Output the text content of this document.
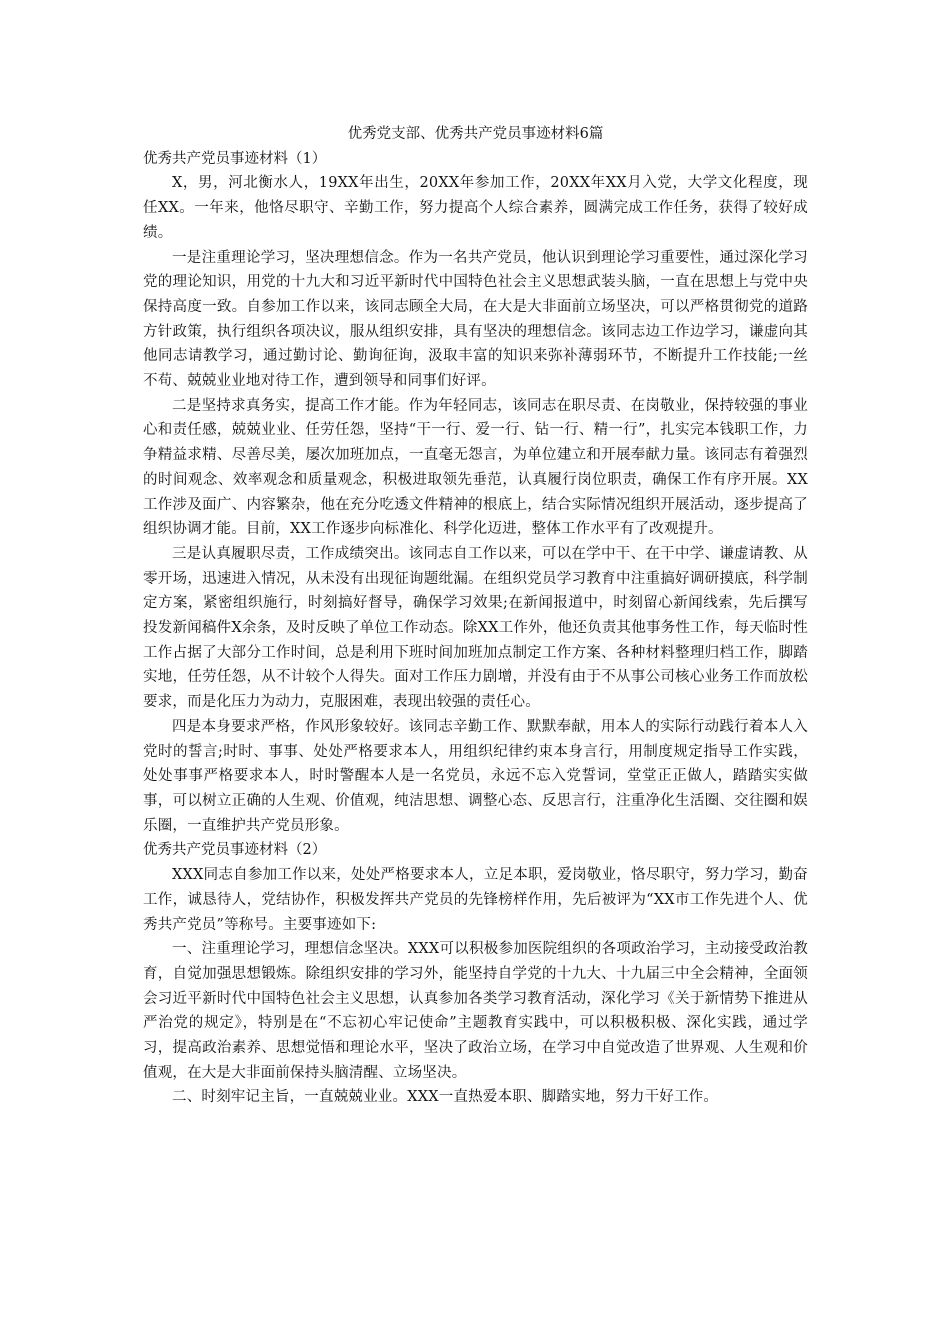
优秀党支部、优秀共产党员事迹材料6篇

优秀共产党员事迹材料（1）

X，男，河北衡水人，19XX年出生，20XX年参加工作，20XX年XX月入党，大学文化程度，现任XX。一年来，他恪尽职守、辛勤工作，努力提高个人综合素养，圆满完成工作任务，获得了较好成绩。

一是注重理论学习，坚决理想信念。作为一名共产党员，他认识到理论学习重要性，通过深化学习党的理论知识，用党的十九大和习近平新时代中国特色社会主义思想武装头脑，一直在思想上与党中央保持高度一致。自参加工作以来，该同志顾全大局，在大是大非面前立场坚决，可以严格贯彻党的道路方针政策，执行组织各项决议，服从组织安排，具有坚决的理想信念。该同志边工作边学习，谦虚向其他同志请教学习，通过勤讨论、勤询征询，汲取丰富的知识来弥补薄弱环节，不断提升工作技能;一丝不苟、兢兢业业地对待工作，遭到领导和同事们好评。

二是坚持求真务实，提高工作才能。作为年轻同志，该同志在职尽责、在岗敬业，保持较强的事业心和责任感，兢兢业业、任劳任怨，坚持“干一行、爱一行、钻一行、精一行”，扎实完本钱职工作，力争精益求精、尽善尽美，屡次加班加点，一直毫无怨言，为单位建立和开展奉献力量。该同志有着强烈的时间观念、效率观念和质量观念，积极进取领先垂范，认真履行岗位职责，确保工作有序开展。XX工作涉及面广、内容繁杂，他在充分吃透文件精神的根底上，结合实际情况组织开展活动，逐步提高了组织协调才能。目前，XX工作逐步向标准化、科学化迈进，整体工作水平有了改观提升。

三是认真履职尽责，工作成绩突出。该同志自工作以来，可以在学中干、在干中学、谦虚请教、从零开场，迅速进入情况，从未没有出现征询题纰漏。在组织党员学习教育中注重搞好调研摸底，科学制定方案，紧密组织施行，时刻搞好督导，确保学习效果;在新闻报道中，时刻留心新闻线索，先后撰写投发新闻稿件X余条，及时反映了单位工作动态。除XX工作外，他还负责其他事务性工作，每天临时性工作占据了大部分工作时间，总是利用下班时间加班加点制定工作方案、各种材料整理归档工作，脚踏实地，任劳任怨，从不计较个人得失。面对工作压力剧增，并没有由于不从事公司核心业务工作而放松要求，而是化压力为动力，克服困难，表现出较强的责任心。

四是本身要求严格，作风形象较好。该同志辛勤工作、默默奉献，用本人的实际行动践行着本人入党时的誓言;时时、事事、处处严格要求本人，用组织纪律约束本身言行，用制度规定指导工作实践，处处事事严格要求本人，时时警醒本人是一名党员，永远不忘入党誓词，堂堂正正做人，踏踏实实做事，可以树立正确的人生观、价值观，纯洁思想、调整心态、反思言行，注重净化生活圈、交往圈和娱乐圈，一直维护共产党员形象。

优秀共产党员事迹材料（2）

XXX同志自参加工作以来，处处严格要求本人，立足本职，爱岗敬业，恪尽职守，努力学习，勤奋工作，诚恳待人，党结协作，积极发挥共产党员的先锋榜样作用，先后被评为“XX市工作先进个人、优秀共产党员”等称号。主要事迹如下:

一、注重理论学习，理想信念坚决。XXX可以积极参加医院组织的各项政治学习，主动接受政治教育，自觉加强思想锻炼。除组织安排的学习外，能坚持自学党的十九大、十九届三中全会精神，全面领会习近平新时代中国特色社会主义思想，认真参加各类学习教育活动，深化学习《关于新情势下推进从严治党的规定》，特别是在“不忘初心牢记使命”主题教育实践中，可以积极积极、深化实践，通过学习，提高政治素养、思想觉悟和理论水平，坚决了政治立场，在学习中自觉改造了世界观、人生观和价值观，在大是大非面前保持头脑清醒、立场坚决。

二、时刻牢记主旨，一直兢兢业业。XXX一直热爱本职、脚踏实地，努力干好工作。
